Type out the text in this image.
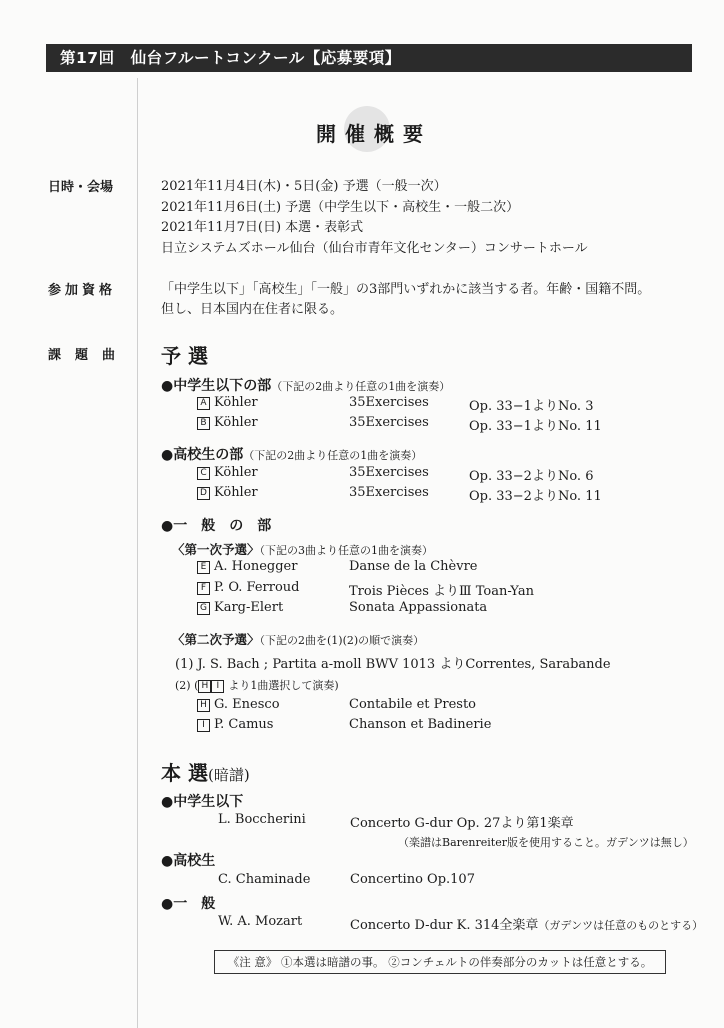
第17回　仙台フルートコンクール【応募要項】
開催概要
日時・会場	2021年11月4日(木)・5日(金) 予選（一般一次）
2021年11月6日(土) 予選（中学生以下・高校生・一般二次）
2021年11月7日(日) 本選・表彰式
日立システムズホール仙台（仙台市青年文化センター）コンサートホール
参加資格	「中学生以下」「高校生」「一般」の3部門いずれかに該当する者。年齢・国籍不問。
但し、日本国内在住者に限る。
課題曲 予 選
●中学生以下の部（下記の2曲より任意の1曲を演奏）
A Köhler	35Exercises	Op. 33−1よりNo. 3
B Köhler	35Exercises	Op. 33−1よりNo. 11
●高校生の部（下記の2曲より任意の1曲を演奏）
C Köhler	35Exercises	Op. 33−2よりNo. 6
D Köhler	35Exercises	Op. 33−2よりNo. 11
●一　般　の　部
〈第一次予選〉（下記の3曲より任意の1曲を演奏）
E A. Honegger	Danse de la Chèvre
F P. O. Ferroud	Trois Pièces よりⅢ Toan-Yan
G Karg-Elert	Sonata Appassionata
〈第二次予選〉（下記の2曲を(1)(2)の順で演奏）
(1) J. S. Bach ; Partita a-moll BWV 1013 よりCorrentes, Sarabande
(2) ( H I より1曲選択して演奏)
H G. Enesco	Contabile et Presto
I P. Camus	Chanson et Badinerie
本 選(暗譜)
●中学生以下
L. Boccherini	Concerto G-dur Op. 27より第1楽章
（楽譜はBarenreiter版を使用すること。ガデンツは無し）
●高校生
C. Chaminade	Concertino Op.107
●一　般
W. A. Mozart	Concerto D-dur K. 314全楽章（ガデンツは任意のものとする）
《注 意》 ①本選は暗譜の事。 ②コンチェルトの伴奏部分のカットは任意とする。
